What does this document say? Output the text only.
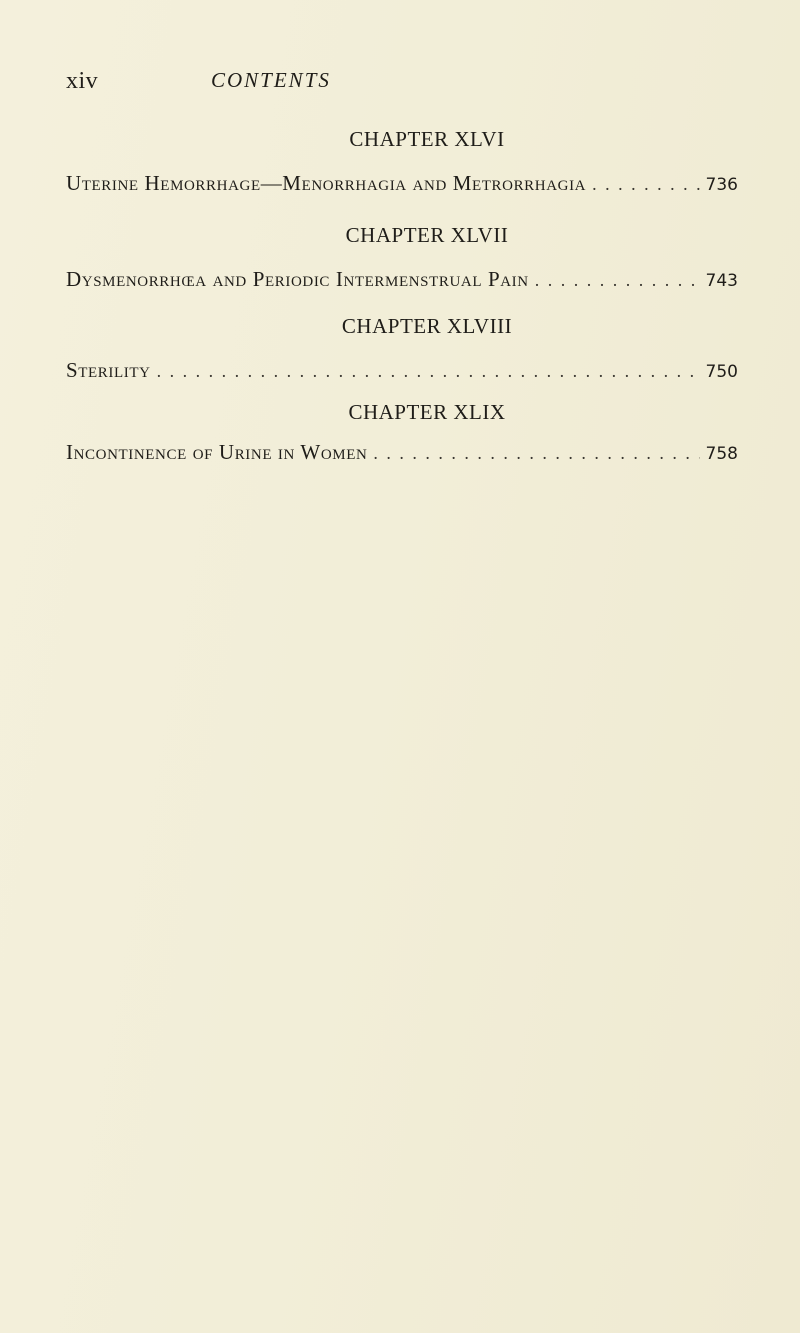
xiv	CONTENTS
CHAPTER XLVI
Uterine Hemorrhage—Menorrhagia and Metrorrhagia . . .	736
CHAPTER XLVII
Dysmenorrhœa and Periodic Intermenstrual Pain . . .	743
CHAPTER XLVIII
Sterility . . .	750
CHAPTER XLIX
Incontinence of Urine in Women . . .	758
